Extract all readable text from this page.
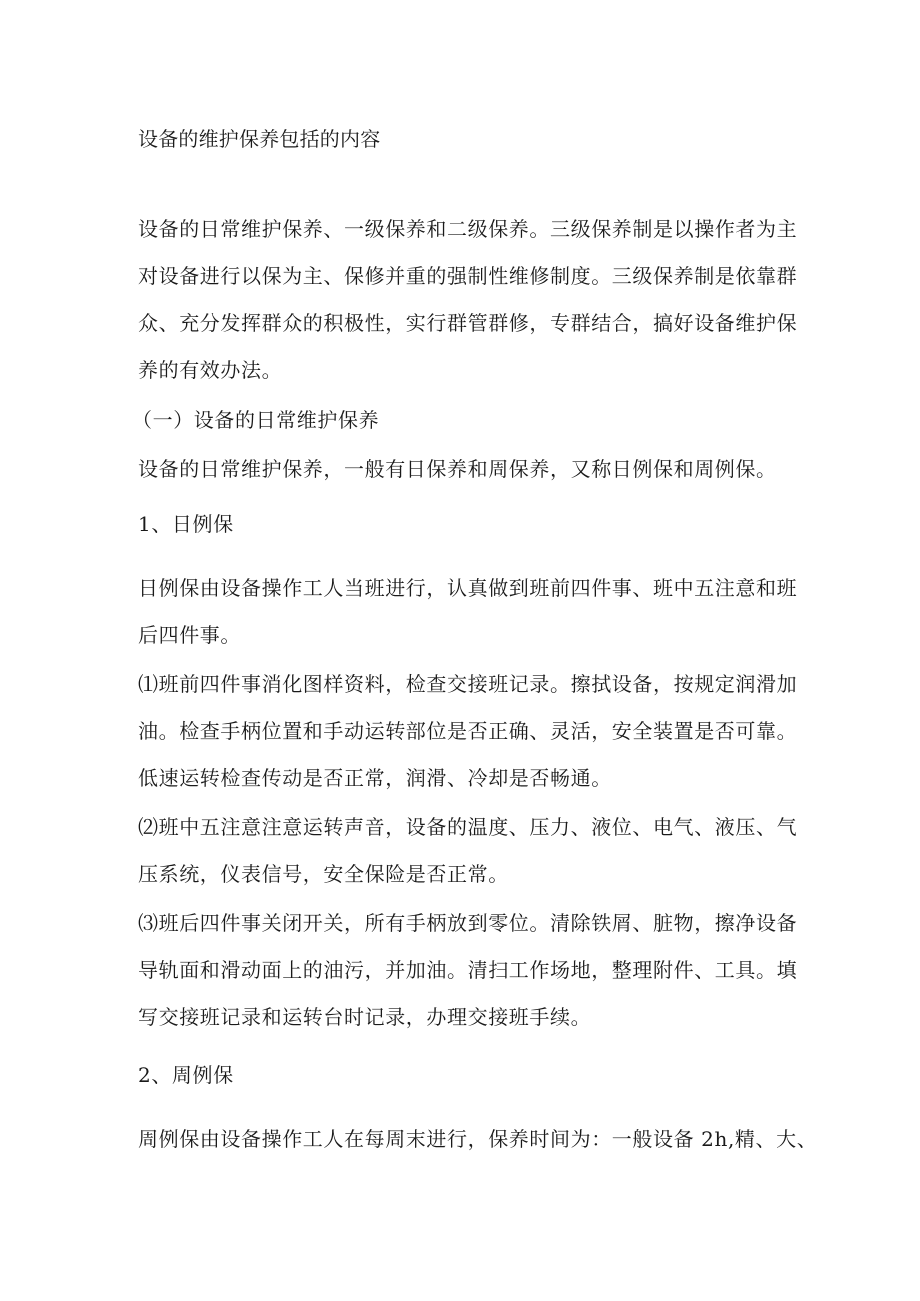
设备的维护保养包括的内容
设备的日常维护保养、一级保养和二级保养。三级保养制是以操作者为主
对设备进行以保为主、保修并重的强制性维修制度。三级保养制是依靠群
众、充分发挥群众的积极性，实行群管群修，专群结合，搞好设备维护保
养的有效办法。
（一）设备的日常维护保养
设备的日常维护保养，一般有日保养和周保养，又称日例保和周例保。
1、日例保
日例保由设备操作工人当班进行，认真做到班前四件事、班中五注意和班
后四件事。
⑴班前四件事消化图样资料，检查交接班记录。擦拭设备，按规定润滑加
油。检查手柄位置和手动运转部位是否正确、灵活，安全装置是否可靠。
低速运转检查传动是否正常，润滑、冷却是否畅通。
⑵班中五注意注意运转声音，设备的温度、压力、液位、电气、液压、气
压系统，仪表信号，安全保险是否正常。
⑶班后四件事关闭开关，所有手柄放到零位。清除铁屑、脏物，擦净设备
导轨面和滑动面上的油污，并加油。清扫工作场地，整理附件、工具。填
写交接班记录和运转台时记录，办理交接班手续。
2、周例保
周例保由设备操作工人在每周末进行，保养时间为：一般设备 2h,精、大、
